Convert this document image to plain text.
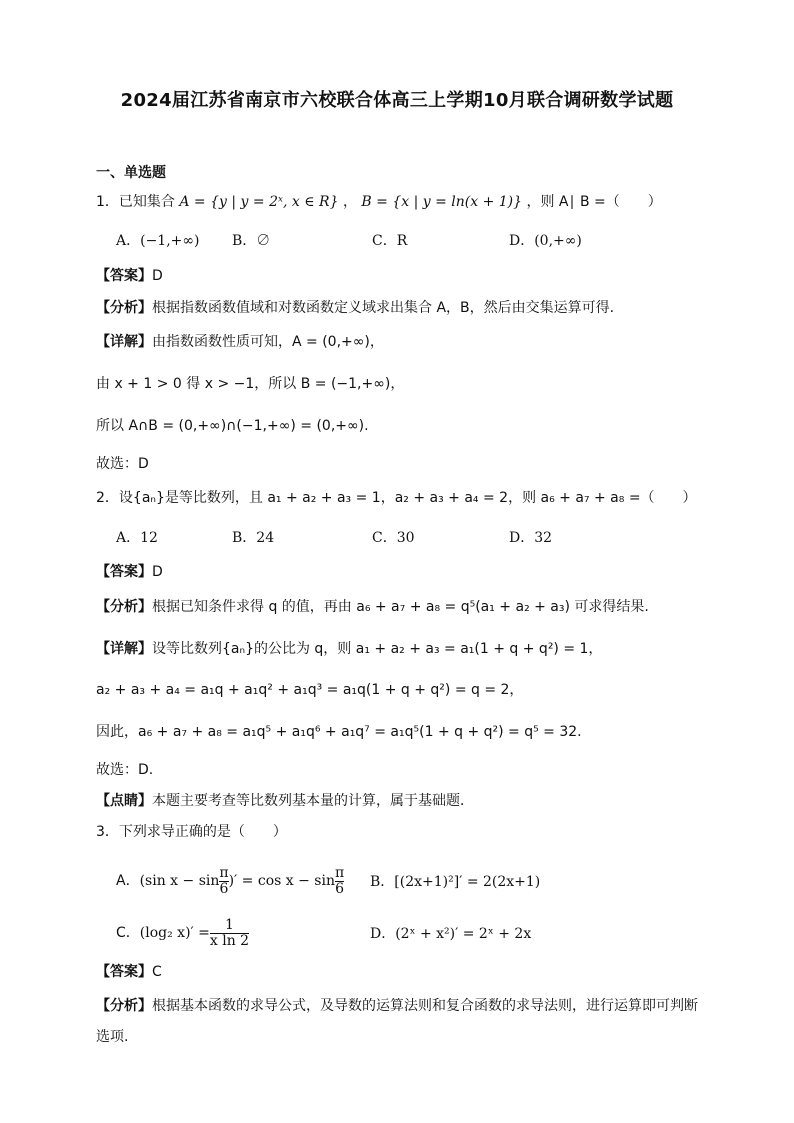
2024届江苏省南京市六校联合体高三上学期10月联合调研数学试题
一、单选题
1．已知集合 A = {y | y = 2ˣ, x ∈ R} ， B = {x | y = ln(x + 1)} ，则 A∣ B =（　　）
A．(−1,+∞) B．∅	C．R	D．(0,+∞)
【答案】D
【分析】根据指数函数值域和对数函数定义域求出集合 A，B，然后由交集运算可得.
【详解】由指数函数性质可知，A = (0,+∞)，
由 x + 1 > 0 得 x > −1，所以 B = (−1,+∞)，
所以 A∩B = (0,+∞)∩(−1,+∞) = (0,+∞).
故选：D
2．设{aₙ}是等比数列，且 a₁ + a₂ + a₃ = 1，a₂ + a₃ + a₄ = 2，则 a₆ + a₇ + a₈ =（　　）
A．12	B．24	C．30	D．32
【答案】D
【分析】根据已知条件求得 q 的值，再由 a₆ + a₇ + a₈ = q⁵(a₁ + a₂ + a₃) 可求得结果.
【详解】设等比数列{aₙ}的公比为 q，则 a₁ + a₂ + a₃ = a₁(1 + q + q²) = 1，
a₂ + a₃ + a₄ = a₁q + a₁q² + a₁q³ = a₁q(1 + q + q²) = q = 2，
因此，a₆ + a₇ + a₈ = a₁q⁵ + a₁q⁶ + a₁q⁷ = a₁q⁵(1 + q + q²) = q⁵ = 32.
故选：D.
【点睛】本题主要考查等比数列基本量的计算，属于基础题．
3．下列求导正确的是（　　）
A．(sin $x - \sin \frac{\pi}{6}$ )′ = $\cos x - \sin \frac{\pi}{6}$ B．[(2x+1)²]′ = 2(2x+1)
C．(log₂ $x)' = \frac{1}{\text{x ln 2}}$	D．(2ˣ + x²)′ = 2ˣ + 2x
【答案】C
【分析】根据基本函数的求导公式，及导数的运算法则和复合函数的求导法则，进行运算即可判断
选项.
